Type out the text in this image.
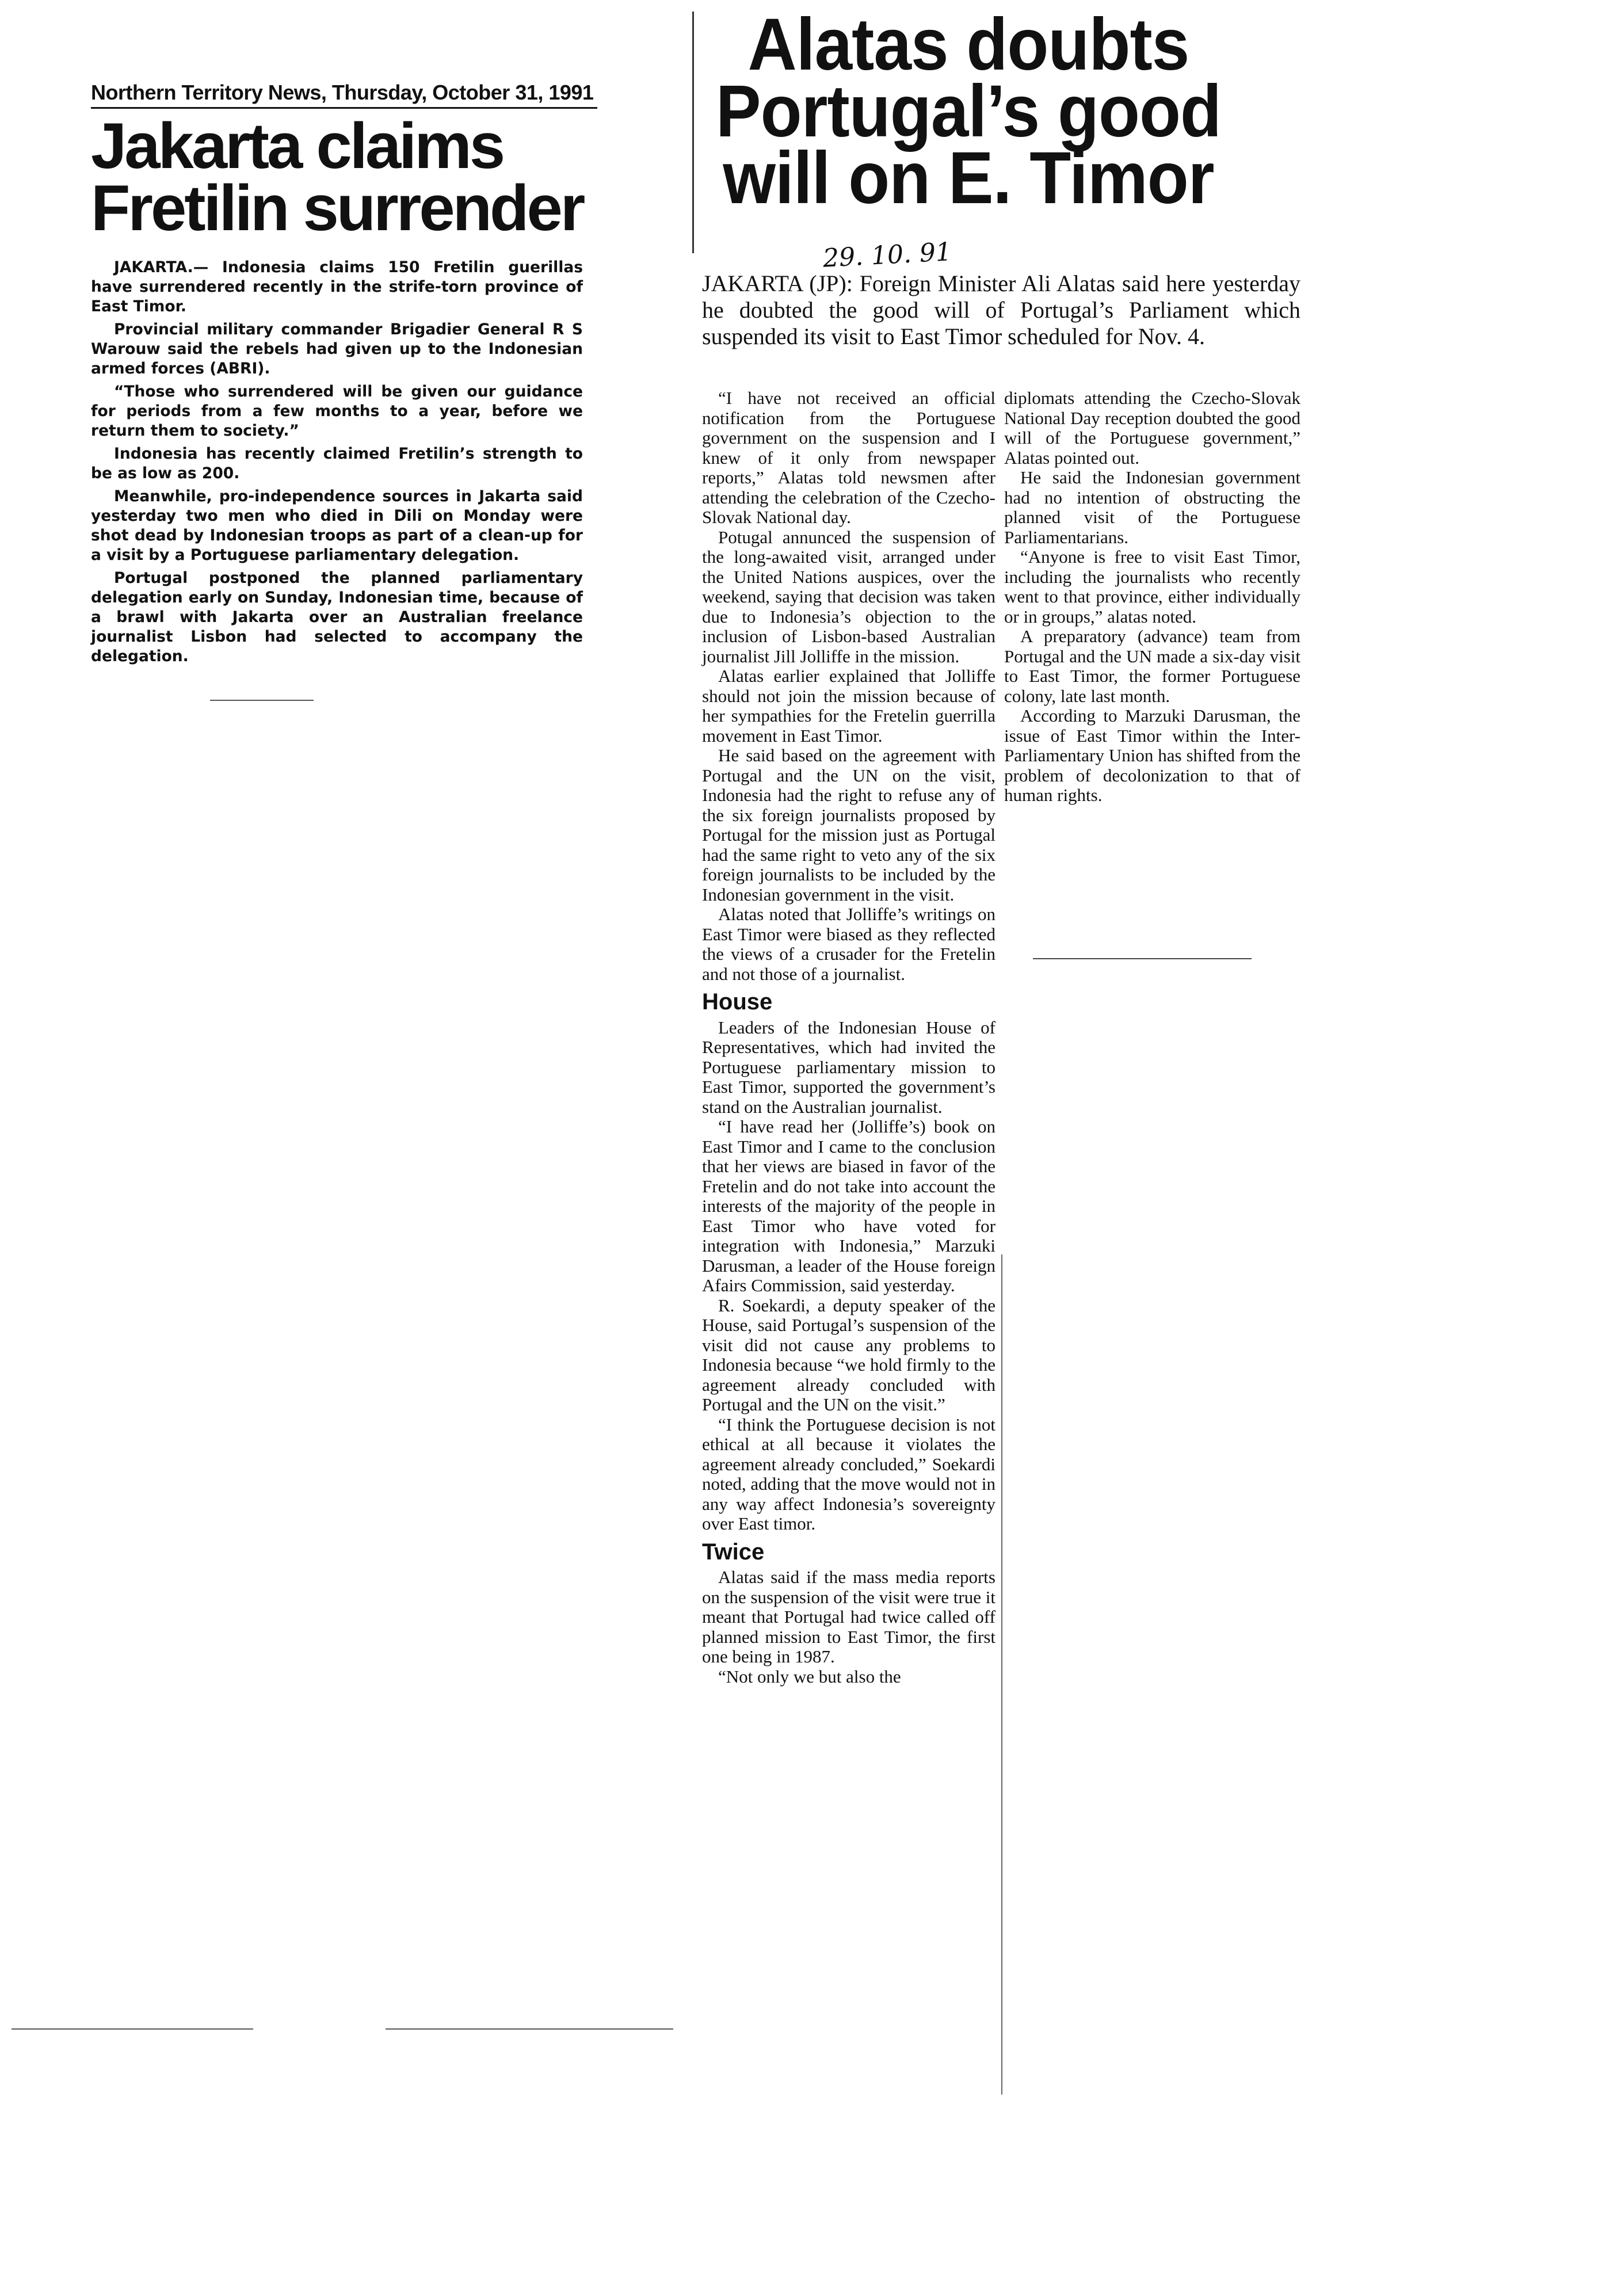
Northern Territory News, Thursday, October 31, 1991
Jakarta claims
Fretilin surrender

JAKARTA.— Indonesia claims 150 Fretilin guerillas have surrendered recently in the strife-torn province of East Timor.

Provincial military commander Brigadier General R S Warouw said the rebels had given up to the Indonesian armed forces (ABRI).

“Those who surrendered will be given our guidance for periods from a few months to a year, before we return them to society.”

Indonesia has recently claimed Fretilin’s strength to be as low as 200.

Meanwhile, pro-independence sources in Jakarta said yesterday two men who died in Dili on Monday were shot dead by Indonesian troops as part of a clean-up for a visit by a Portuguese parliamentary delegation.

Portugal postponed the planned parliamentary delegation early on Sunday, Indonesian time, because of a brawl with Jakarta over an Australian freelance journalist Lisbon had selected to accompany the delegation.

Alatas doubts
Portugal’s good
will on E. Timor
29. 10. 91
JAKARTA (JP): Foreign Minister Ali Alatas said here yesterday he doubted the good will of Portugal’s Parliament which suspended its visit to East Timor scheduled for Nov. 4.

“I have not received an official notification from the Portuguese government on the suspension and I knew of it only from newspaper reports,” Alatas told newsmen after attending the celebration of the Czecho-Slovak National day.

Potugal annunced the suspension of the long-awaited visit, arranged under the United Nations auspices, over the weekend, saying that decision was taken due to Indonesia’s objection to the inclusion of Lisbon-based Australian journalist Jill Jolliffe in the mission.

Alatas earlier explained that Jolliffe should not join the mission because of her sympathies for the Fretelin guerrilla movement in East Timor.

He said based on the agreement with Portugal and the UN on the visit, Indonesia had the right to refuse any of the six foreign journalists proposed by Portugal for the mission just as Portugal had the same right to veto any of the six foreign journalists to be included by the Indonesian government in the visit.

Alatas noted that Jolliffe’s writings on East Timor were biased as they reflected the views of a crusader for the Fretelin and not those of a journalist.

House

Leaders of the Indonesian House of Representatives, which had invited the Portuguese parliamentary mission to East Timor, supported the government’s stand on the Australian journalist.

“I have read her (Jolliffe’s) book on East Timor and I came to the conclusion that her views are biased in favor of the Fretelin and do not take into account the interests of the majority of the people in East Timor who have voted for integration with Indonesia,” Marzuki Darusman, a leader of the House foreign Afairs Commission, said yesterday.

R. Soekardi, a deputy speaker of the House, said Portugal’s suspension of the visit did not cause any problems to Indonesia because “we hold firmly to the agreement already concluded with Portugal and the UN on the visit.”

“I think the Portuguese decision is not ethical at all because it violates the agreement already concluded,” Soekardi noted, adding that the move would not in any way affect Indonesia’s sovereignty over East timor.

Twice

Alatas said if the mass media reports on the suspension of the visit were true it meant that Portugal had twice called off planned mission to East Timor, the first one being in 1987.

“Not only we but also the

diplomats attending the Czecho-Slovak National Day reception doubted the good will of the Portuguese government,” Alatas pointed out.

He said the Indonesian government had no intention of obstructing the planned visit of the Portuguese Parliamentarians.

“Anyone is free to visit East Timor, including the journalists who recently went to that province, either individually or in groups,” alatas noted.

A preparatory (advance) team from Portugal and the UN made a six-day visit to East Timor, the former Portuguese colony, late last month.

According to Marzuki Darusman, the issue of East Timor within the Inter-Parliamentary Union has shifted from the problem of decolonization to that of human rights.
